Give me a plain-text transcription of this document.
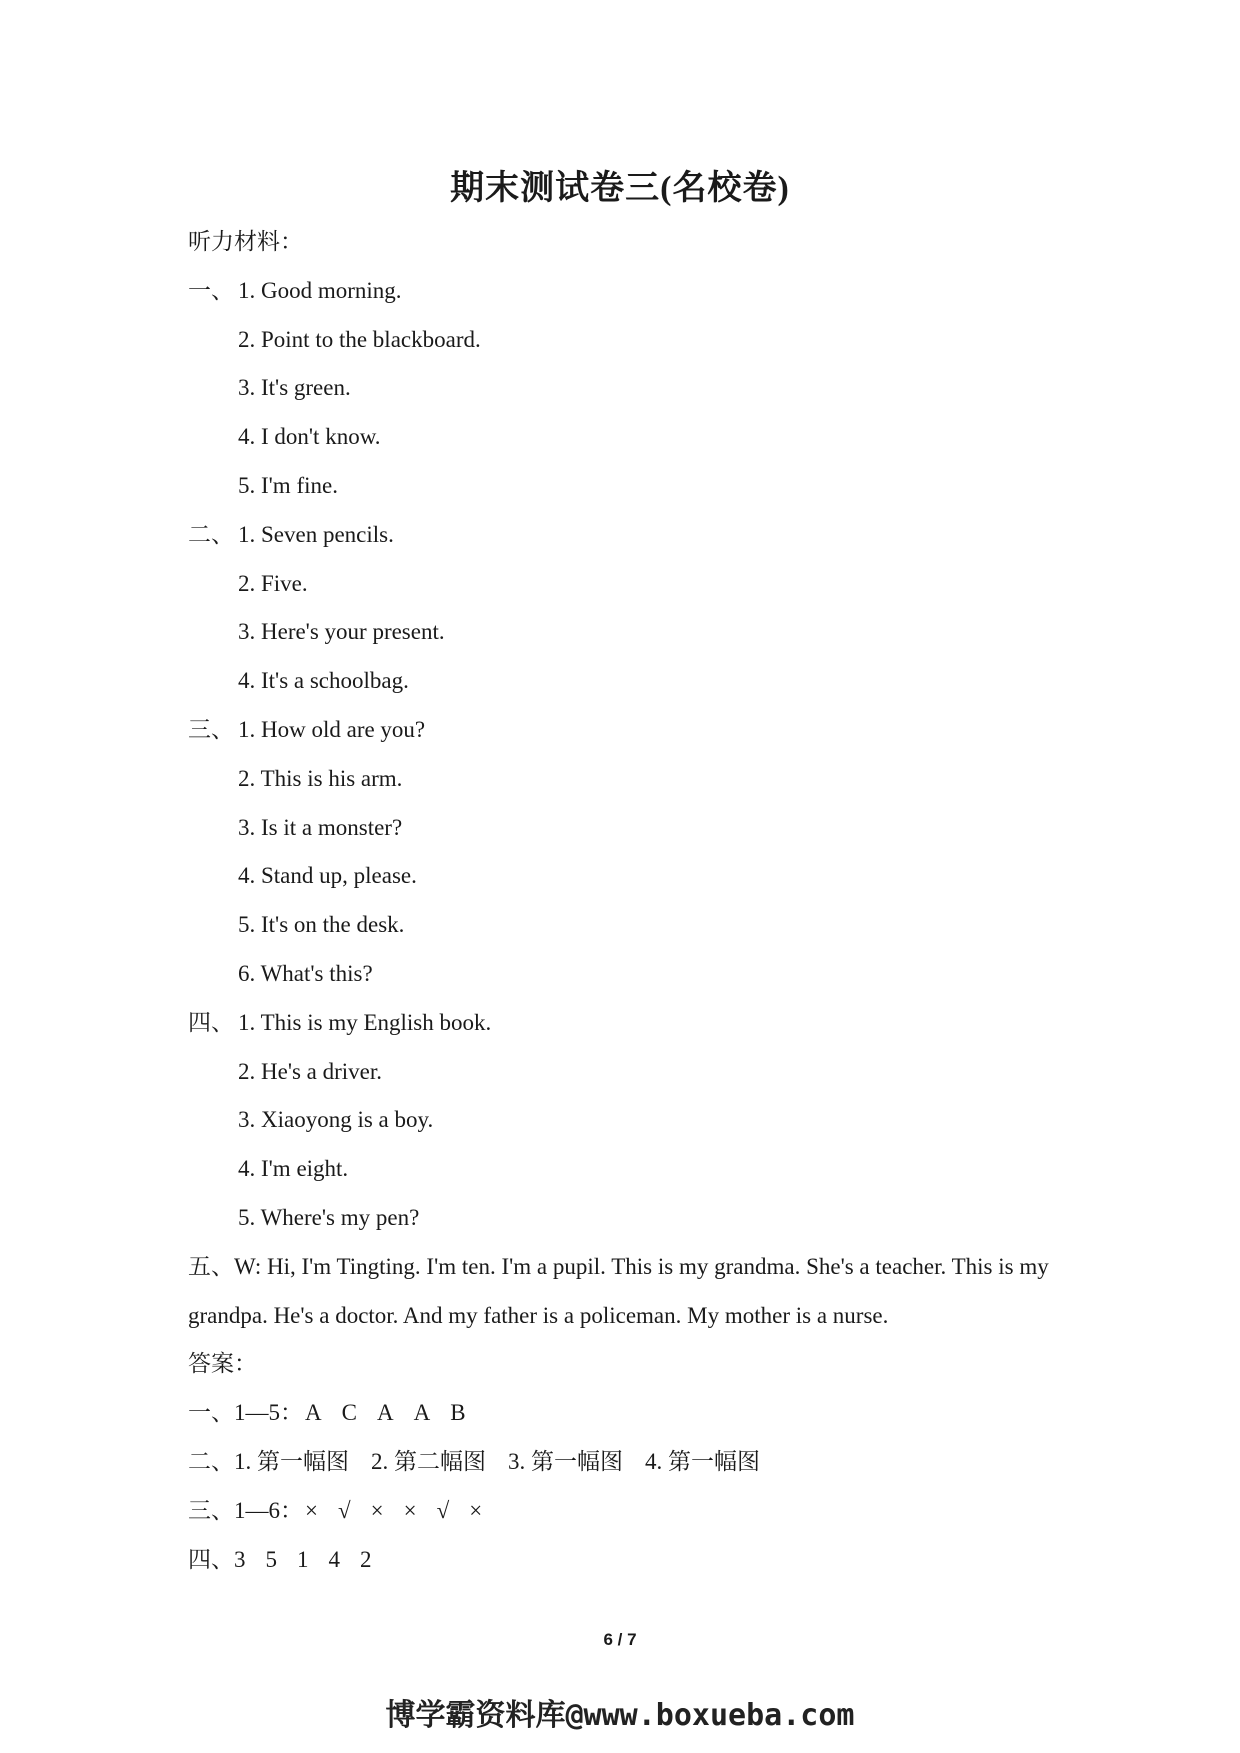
期末测试卷三(名校卷)
听力材料：
一、 1. Good morning.
2. Point to the blackboard.
3. It's green.
4. I don't know.
5. I'm fine.
二、 1. Seven pencils.
2. Five.
3. Here's your present.
4. It's a schoolbag.
三、 1. How old are you?
2. This is his arm.
3. Is it a monster?
4. Stand up, please.
5. It's on the desk.
6. What's this?
四、 1. This is my English book.
2. He's a driver.
3. Xiaoyong is a boy.
4. I'm eight.
5. Where's my pen?
五、W: Hi, I'm Tingting. I'm ten. I'm a pupil. This is my grandma. She's a teacher. This is my grandpa. He's a doctor. And my father is a policeman. My mother is a nurse.
答案：
一、1—5：A C A A B
二、1. 第一幅图 2. 第二幅图 3. 第一幅图 4. 第一幅图
三、1—6：× √ × × √ ×
四、3 5 1 4 2
6 / 7
博学霸资料库@www.boxueba.com
